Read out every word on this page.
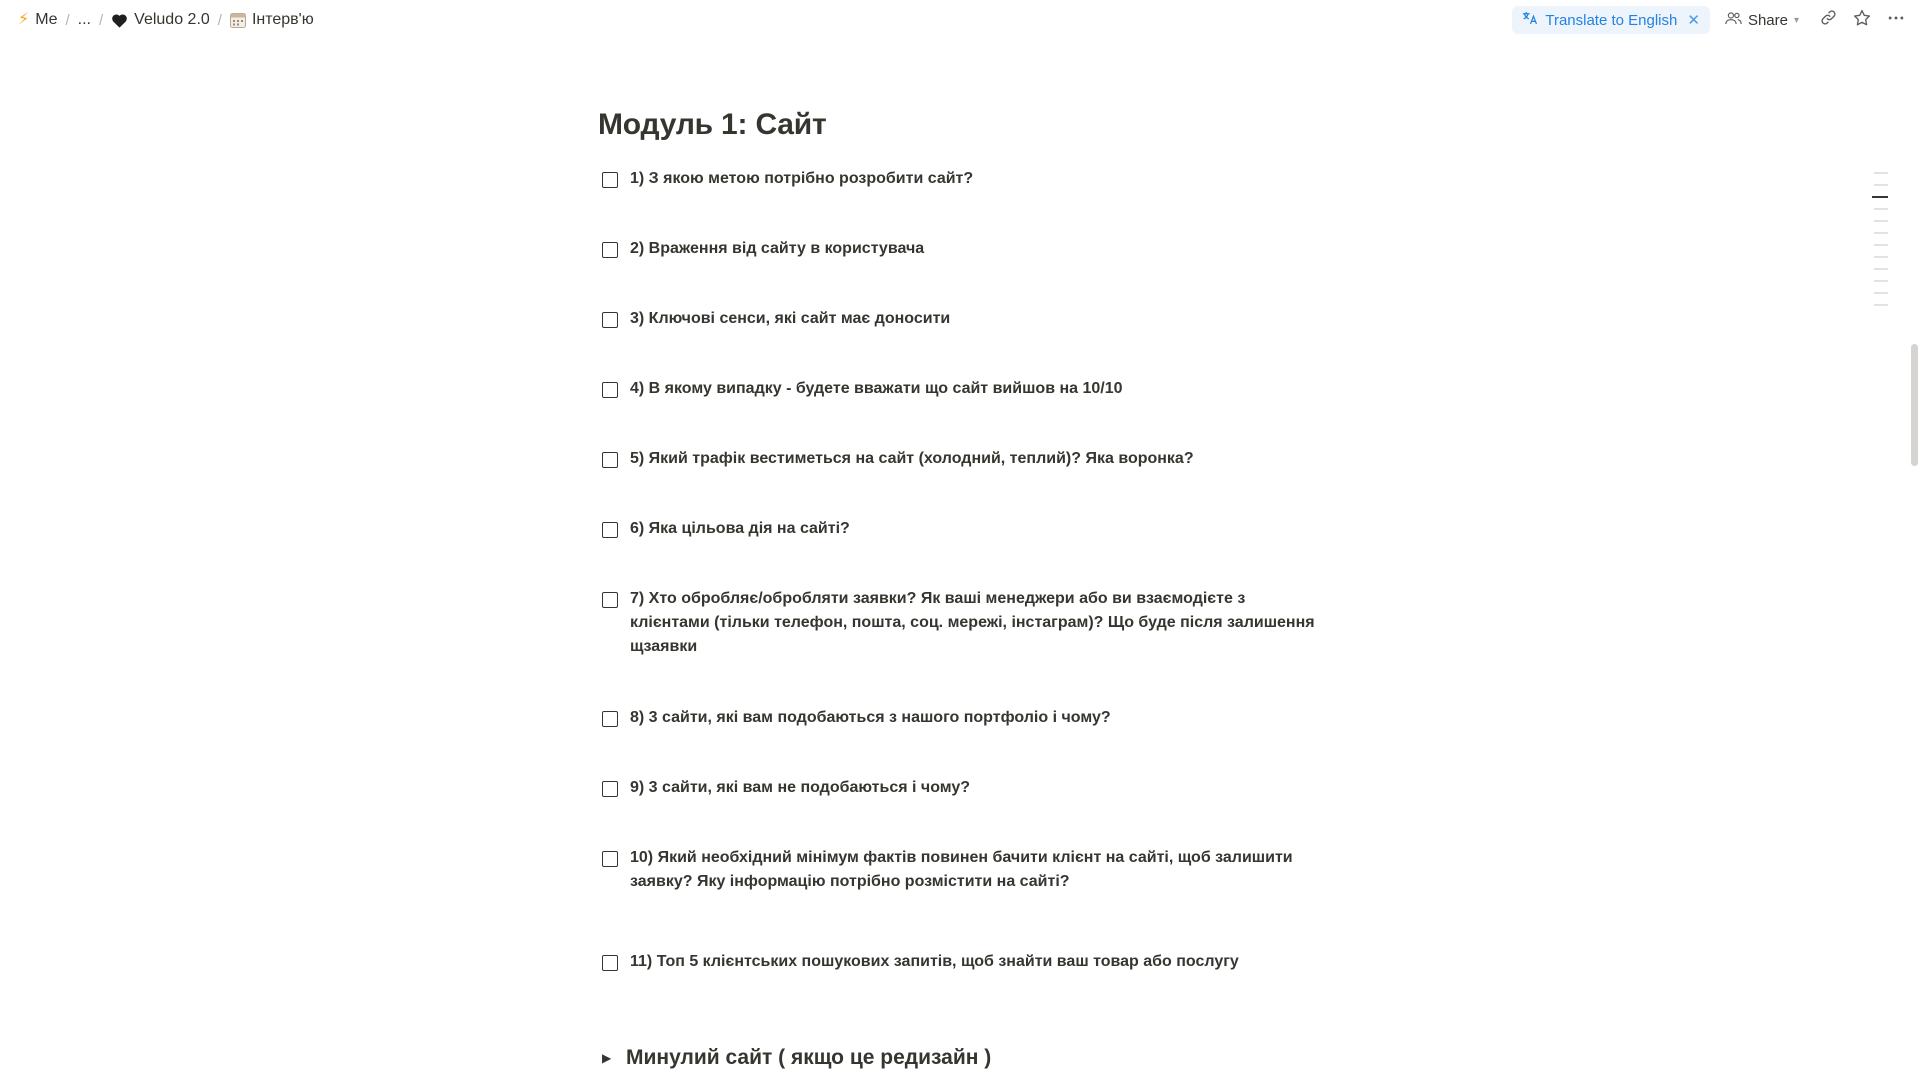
⚡ Me / ... / Veludo 2.0 / Інтерв'ю	Translate to English ✕	Share ▾
Модуль 1: Сайт
1) З якою метою потрібно розробити сайт?
2) Враження від сайту в користувача
3) Ключові сенси, які сайт має доносити
4) В якому випадку - будете вважати що сайт вийшов на 10/10
5) Який трафік вестиметься на сайт (холодний, теплий)? Яка воронка?
6) Яка цільова дія на сайті?
7) Хто обробляє/обробляти заявки? Як ваші менеджери або ви взаємодієте з клієнтами (тільки телефон, пошта, соц. мережі, інстаграм)? Що буде після залишення щзаявки
8) 3 сайти, які вам подобаються з нашого портфоліо і чому?
9) 3 сайти, які вам не подобаються і чому?
10) Який необхідний мінімум фактів повинен бачити клієнт на сайті, щоб залишити заявку? Яку інформацію потрібно розмістити на сайті?
11) Топ 5 клієнтських пошукових запитів, щоб знайти ваш товар або послугу
▶ Минулий сайт ( якщо це редизайн )
